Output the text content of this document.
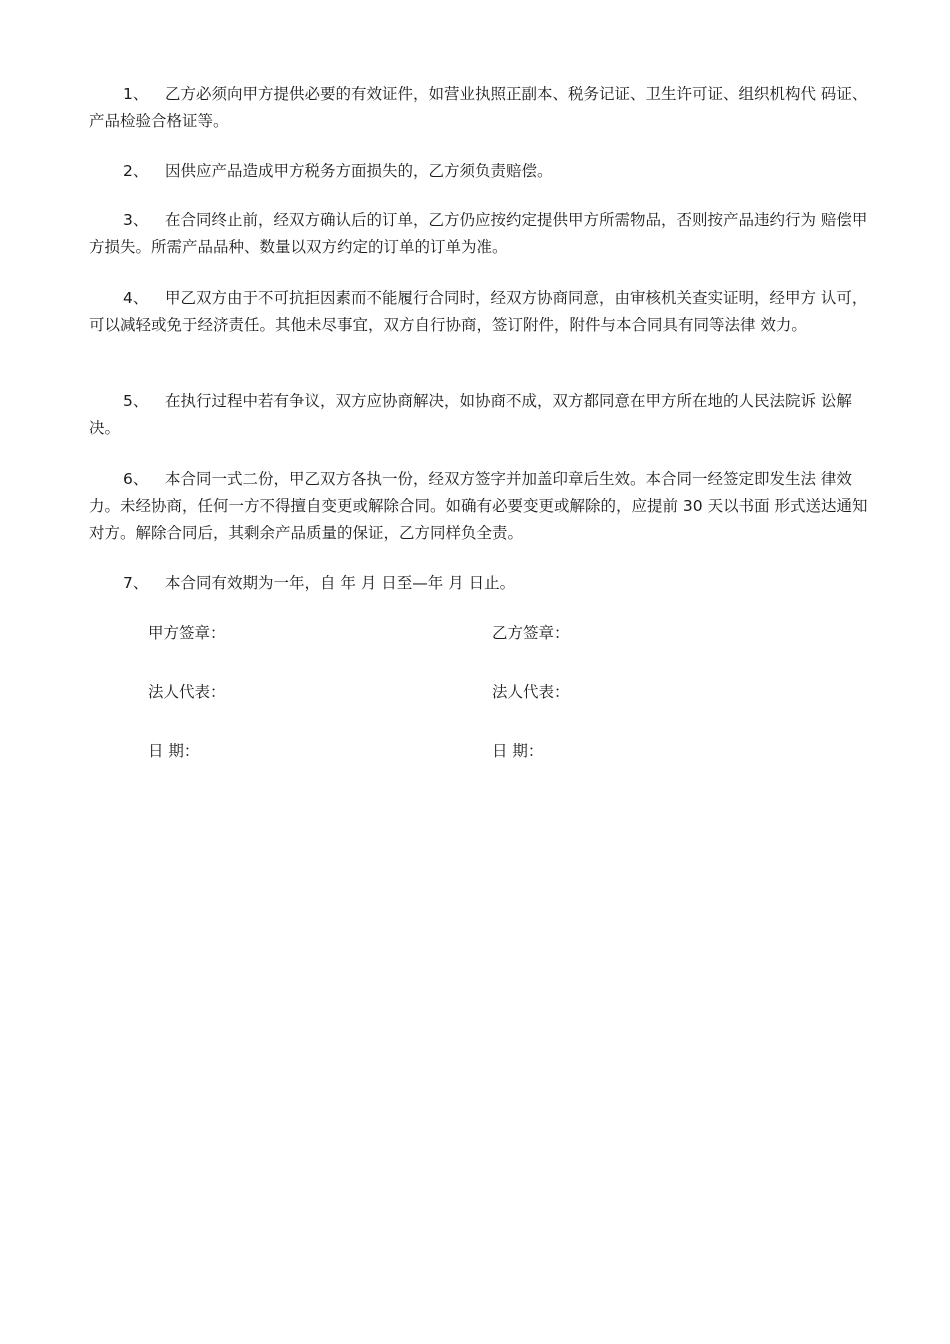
1、 乙方必须向甲方提供必要的有效证件，如营业执照正副本、税务记证、卫生许可证、组织机构代 码证、产品检验合格证等。

2、 因供应产品造成甲方税务方面损失的，乙方须负责赔偿。

3、 在合同终止前，经双方确认后的订单，乙方仍应按约定提供甲方所需物品，否则按产品违约行为 赔偿甲方损失。所需产品品种、数量以双方约定的订单的订单为准。

4、 甲乙双方由于不可抗拒因素而不能履行合同时，经双方协商同意，由审核机关查实证明，经甲方 认可，可以减轻或免于经济责任。其他未尽事宜，双方自行协商，签订附件，附件与本合同具有同等法律 效力。

5、 在执行过程中若有争议，双方应协商解决，如协商不成，双方都同意在甲方所在地的人民法院诉 讼解决。

6、 本合同一式二份，甲乙双方各执一份，经双方签字并加盖印章后生效。本合同一经签定即发生法 律效力。未经协商，任何一方不得擅自变更或解除合同。如确有必要变更或解除的，应提前 30 天以书面 形式送达通知对方。解除合同后，其剩余产品质量的保证，乙方同样负全责。

7、 本合同有效期为一年，自 年 月 日至—年 月 日止。

甲方签章：	乙方签章：
法人代表：	法人代表：
日 期：	日 期：
